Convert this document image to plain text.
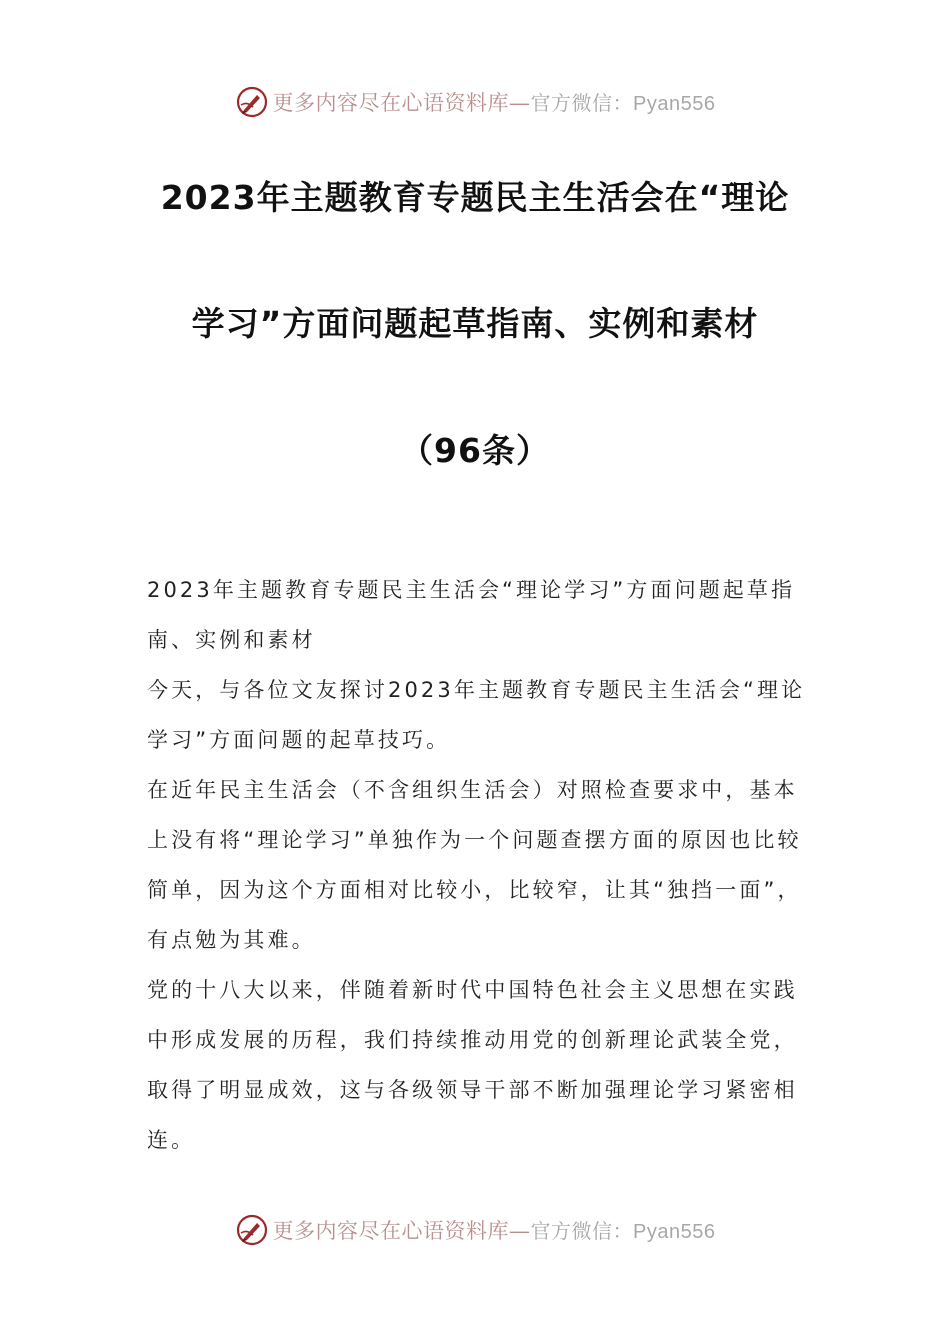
更多内容尽在心语资料库—官方微信：Pyan556
2023年主题教育专题民主生活会在“理论
学习”方面问题起草指南、实例和素材
（96条）

2023年主题教育专题民主生活会“理论学习”方面问题起草指南、实例和素材

今天，与各位文友探讨2023年主题教育专题民主生活会“理论学习”方面问题的起草技巧。

在近年民主生活会（不含组织生活会）对照检查要求中，基本上没有将“理论学习”单独作为一个问题查摆方面的原因也比较简单，因为这个方面相对比较小，比较窄，让其“独挡一面”，有点勉为其难。

党的十八大以来，伴随着新时代中国特色社会主义思想在实践中形成发展的历程，我们持续推动用党的创新理论武装全党，取得了明显成效，这与各级领导干部不断加强理论学习紧密相连。

更多内容尽在心语资料库—官方微信：Pyan556
